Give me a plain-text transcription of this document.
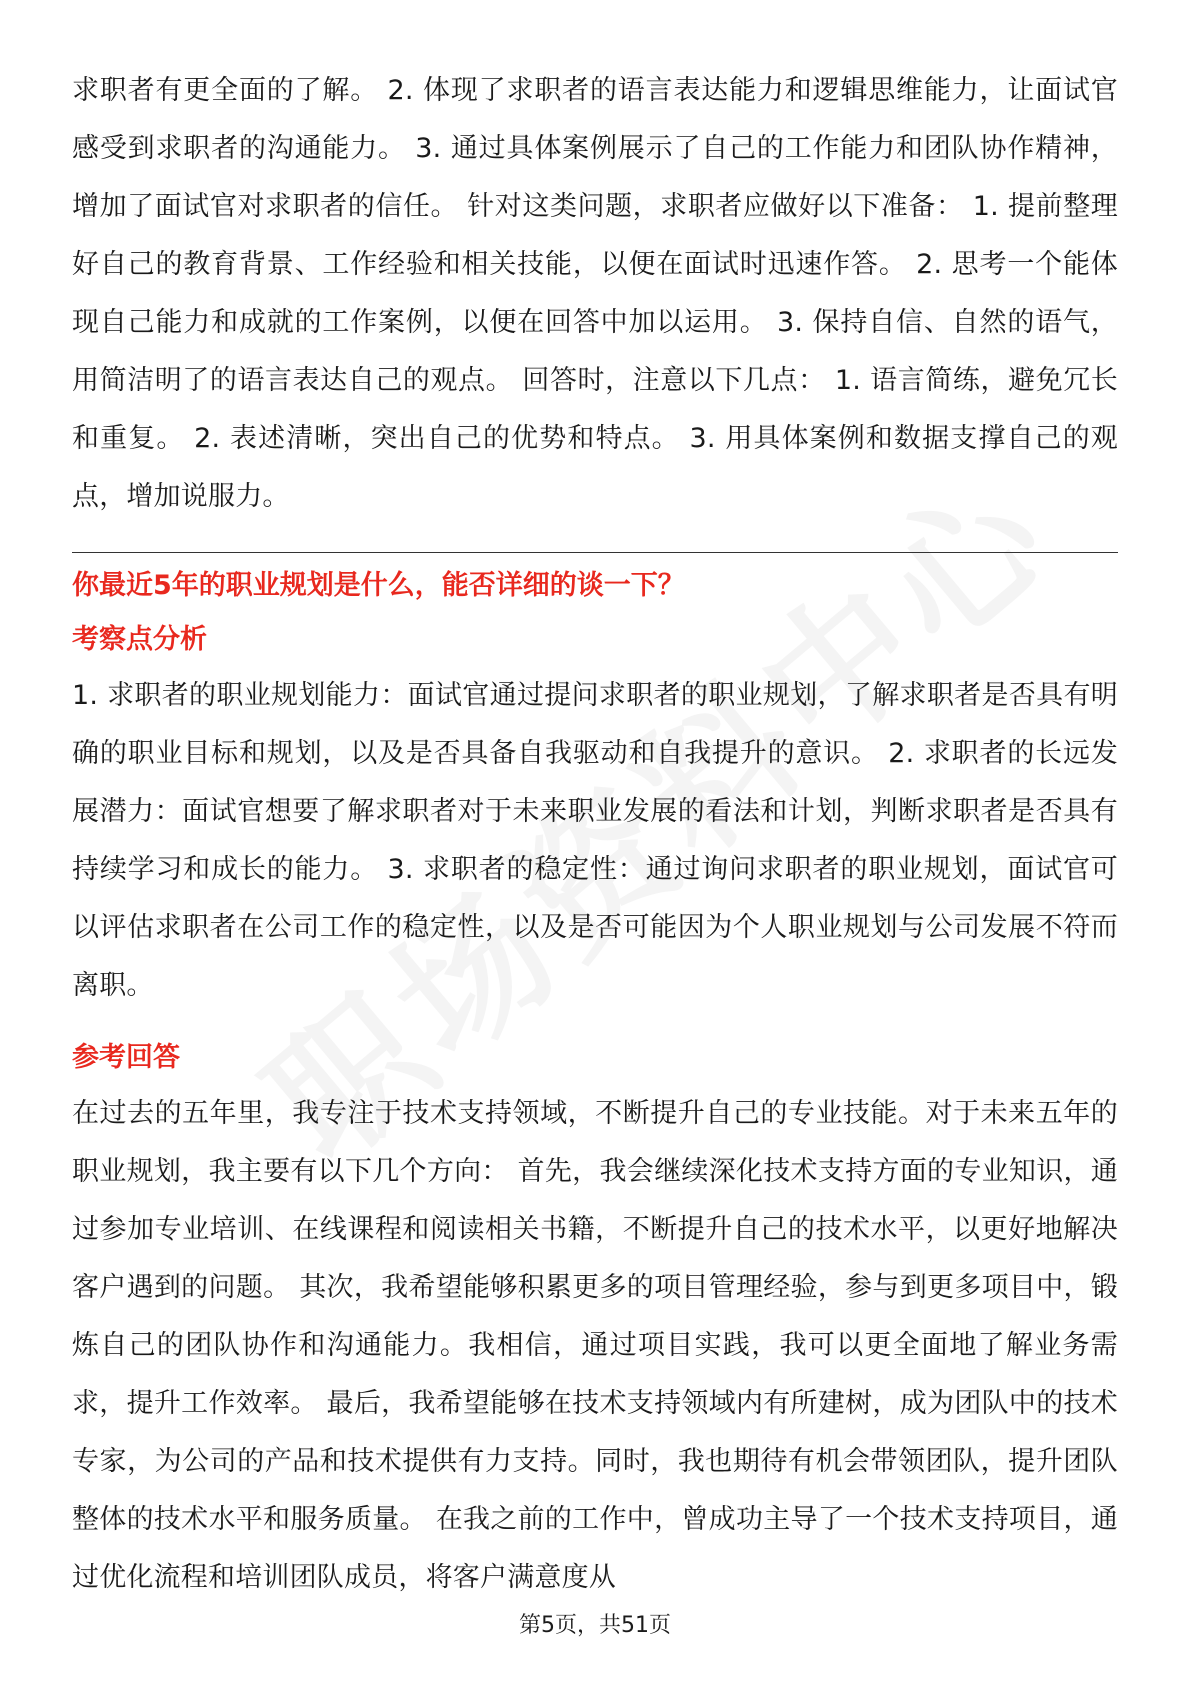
求职者有更全面的了解。 2. 体现了求职者的语言表达能力和逻辑思维能力，让面试官感受到求职者的沟通能力。 3. 通过具体案例展示了自己的工作能力和团队协作精神，增加了面试官对求职者的信任。 针对这类问题，求职者应做好以下准备： 1. 提前整理好自己的教育背景、工作经验和相关技能，以便在面试时迅速作答。 2. 思考一个能体现自己能力和成就的工作案例，以便在回答中加以运用。 3. 保持自信、自然的语气，用简洁明了的语言表达自己的观点。 回答时，注意以下几点： 1. 语言简练，避免冗长和重复。 2. 表述清晰，突出自己的优势和特点。 3. 用具体案例和数据支撑自己的观点，增加说服力。

你最近5年的职业规划是什么，能否详细的谈一下？

考察点分析

1. 求职者的职业规划能力：面试官通过提问求职者的职业规划，了解求职者是否具有明确的职业目标和规划，以及是否具备自我驱动和自我提升的意识。 2. 求职者的长远发展潜力：面试官想要了解求职者对于未来职业发展的看法和计划，判断求职者是否具有持续学习和成长的能力。 3. 求职者的稳定性：通过询问求职者的职业规划，面试官可以评估求职者在公司工作的稳定性，以及是否可能因为个人职业规划与公司发展不符而离职。

参考回答

在过去的五年里，我专注于技术支持领域，不断提升自己的专业技能。对于未来五年的职业规划，我主要有以下几个方向： 首先，我会继续深化技术支持方面的专业知识，通过参加专业培训、在线课程和阅读相关书籍，不断提升自己的技术水平，以更好地解决客户遇到的问题。 其次，我希望能够积累更多的项目管理经验，参与到更多项目中，锻炼自己的团队协作和沟通能力。我相信，通过项目实践，我可以更全面地了解业务需求，提升工作效率。 最后，我希望能够在技术支持领域内有所建树，成为团队中的技术专家，为公司的产品和技术提供有力支持。同时，我也期待有机会带领团队，提升团队整体的技术水平和服务质量。 在我之前的工作中，曾成功主导了一个技术支持项目，通过优化流程和培训团队成员，将客户满意度从

第5页，共51页
